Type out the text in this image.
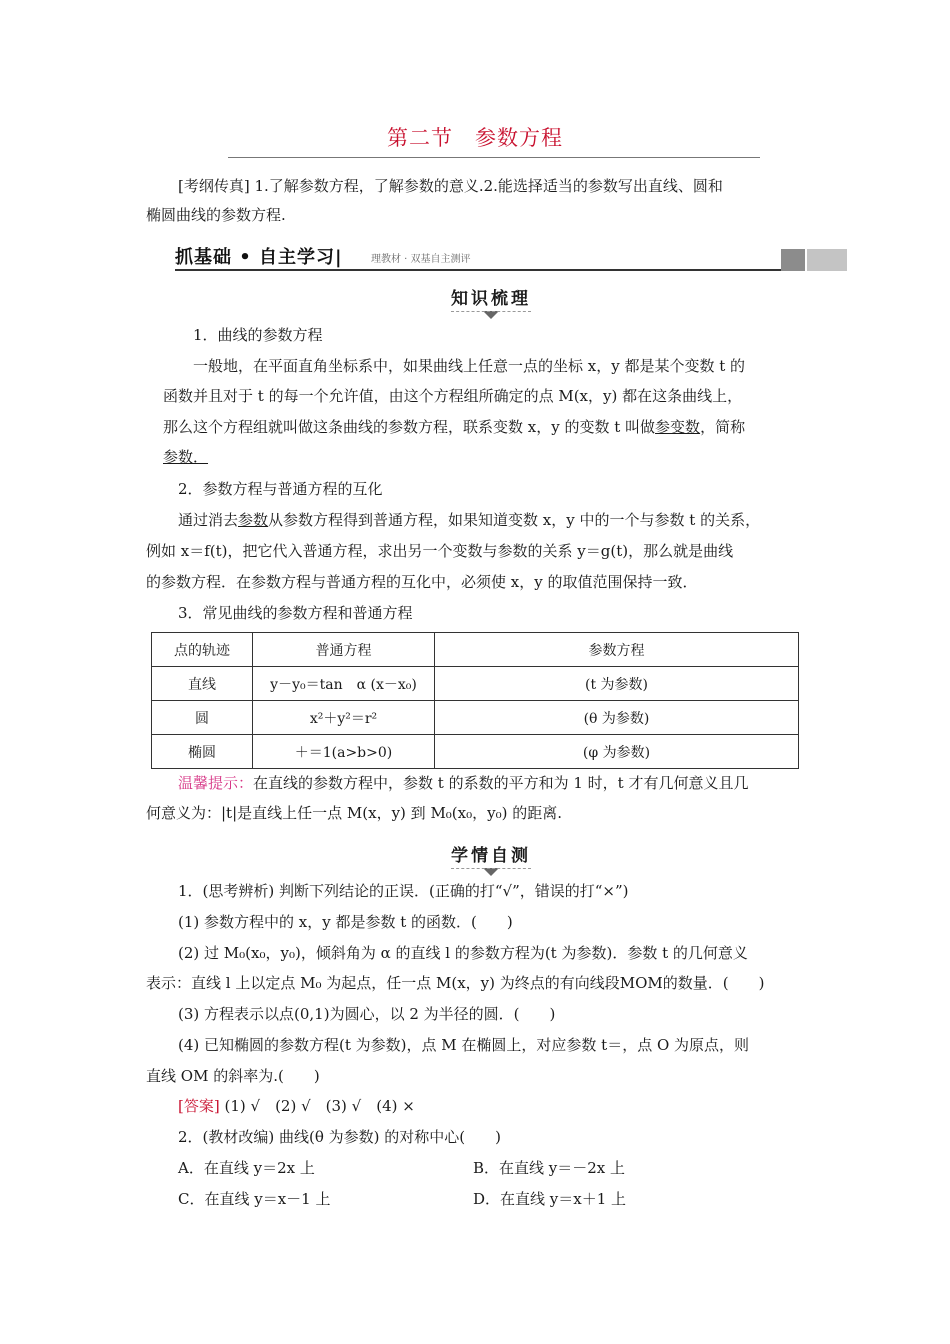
第二节　参数方程
[考纲传真] 1.了解参数方程，了解参数的意义.2.能选择适当的参数写出直线、圆和
椭圆曲线的参数方程.
抓基础 • 自主学习|	理教材 · 双基自主测评
知识梳理
1．曲线的参数方程
一般地，在平面直角坐标系中，如果曲线上任意一点的坐标 x，y 都是某个变数 t 的
函数并且对于 t 的每一个允许值，由这个方程组所确定的点 M(x，y) 都在这条曲线上，
那么这个方程组就叫做这条曲线的参数方程，联系变数 x，y 的变数 t 叫做参变数，简称
参数．
2．参数方程与普通方程的互化
通过消去参数从参数方程得到普通方程，如果知道变数 x，y 中的一个与参数 t 的关系，
例如 x＝f(t)，把它代入普通方程，求出另一个变数与参数的关系 y＝g(t)，那么就是曲线
的参数方程．在参数方程与普通方程的互化中，必须使 x，y 的取值范围保持一致．
3．常见曲线的参数方程和普通方程
点的轨迹	普通方程	参数方程
直线	y－y₀＝tan　α (x－x₀)	(t 为参数)
圆	x²＋y²＝r²	(θ 为参数)
椭圆	＋＝1(a>b>0)	(φ 为参数)
温馨提示：在直线的参数方程中，参数 t 的系数的平方和为 1 时，t 才有几何意义且几
何意义为：|t|是直线上任一点 M(x，y) 到 M₀(x₀，y₀) 的距离.
学情自测
1．(思考辨析) 判断下列结论的正误．(正确的打“√”，错误的打“×”)
(1) 参数方程中的 x，y 都是参数 t 的函数．(　　)
(2) 过 M₀(x₀，y₀)，倾斜角为 α 的直线 l 的参数方程为(t 为参数)．参数 t 的几何意义
表示：直线 l 上以定点 M₀ 为起点，任一点 M(x，y) 为终点的有向线段MOM的数量．(　　)
(3) 方程表示以点(0,1)为圆心，以 2 为半径的圆．(　　)
(4) 已知椭圆的参数方程(t 为参数)，点 M 在椭圆上，对应参数 t＝，点 O 为原点，则
直线 OM 的斜率为.(　　)
[答案] (1) √　(2) √　(3) √　(4) ×
2．(教材改编) 曲线(θ 为参数) 的对称中心(　　)
A．在直线 y＝2x 上	B．在直线 y＝－2x 上
C．在直线 y＝x－1 上	D．在直线 y＝x＋1 上
